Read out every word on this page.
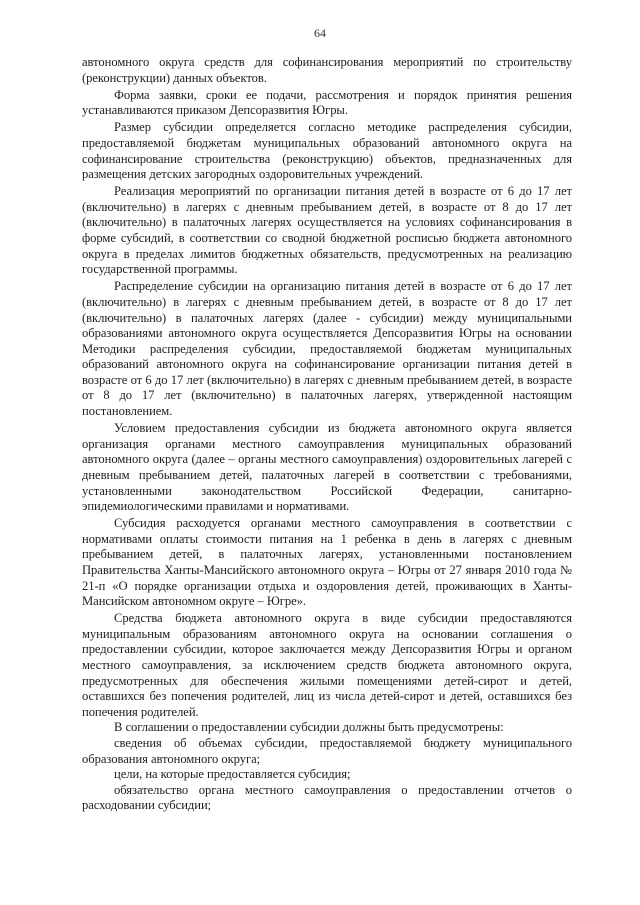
64

автономного округа средств для софинансирования мероприятий по строительству (реконструкции) данных объектов.

Форма заявки, сроки ее подачи, рассмотрения и порядок принятия решения устанавливаются приказом Депсоразвития Югры.

Размер субсидии определяется согласно методике распределения субсидии, предоставляемой бюджетам муниципальных образований автономного округа на софинансирование строительства (реконструкцию) объектов, предназначенных для размещения детских загородных оздоровительных учреждений.

Реализация мероприятий по организации питания детей в возрасте от 6 до 17 лет (включительно) в лагерях с дневным пребыванием детей, в возрасте от 8 до 17 лет (включительно) в палаточных лагерях осуществляется на условиях софинансирования в форме субсидий, в соответствии со сводной бюджетной росписью бюджета автономного округа в пределах лимитов бюджетных обязательств, предусмотренных на реализацию государственной программы.

Распределение субсидии на организацию питания детей в возрасте от 6 до 17 лет (включительно) в лагерях с дневным пребыванием детей, в возрасте от 8 до 17 лет (включительно) в палаточных лагерях (далее - субсидии) между муниципальными образованиями автономного округа осуществляется Депсоразвития Югры на основании Методики распределения субсидии, предоставляемой бюджетам муниципальных образований автономного округа на софинансирование организации питания детей в возрасте от 6 до 17 лет (включительно) в лагерях с дневным пребыванием детей, в возрасте от 8 до 17 лет (включительно) в палаточных лагерях, утвержденной настоящим постановлением.

Условием предоставления субсидии из бюджета автономного округа является организация органами местного самоуправления муниципальных образований автономного округа (далее – органы местного самоуправления) оздоровительных лагерей с дневным пребыванием детей, палаточных лагерей в соответствии с требованиями, установленными законодательством Российской Федерации, санитарно-эпидемиологическими правилами и нормативами.

Субсидия расходуется органами местного самоуправления в соответствии с нормативами оплаты стоимости питания на 1 ребенка в день в лагерях с дневным пребыванием детей, в палаточных лагерях, установленными постановлением Правительства Ханты-Мансийского автономного округа – Югры от 27 января 2010 года № 21-п «О порядке организации отдыха и оздоровления детей, проживающих в Ханты-Мансийском автономном округе – Югре».

Средства бюджета автономного округа в виде субсидии предоставляются муниципальным образованиям автономного округа на основании соглашения о предоставлении субсидии, которое заключается между Депсоразвития Югры и органом местного самоуправления, за исключением средств бюджета автономного округа, предусмотренных для обеспечения жилыми помещениями детей-сирот и детей, оставшихся без попечения родителей, лиц из числа детей-сирот и детей, оставшихся без попечения родителей.

В соглашении о предоставлении субсидии должны быть предусмотрены:

сведения об объемах субсидии, предоставляемой бюджету муниципального образования автономного округа;

цели, на которые предоставляется субсидия;

обязательство органа местного самоуправления о предоставлении отчетов о расходовании субсидии;
